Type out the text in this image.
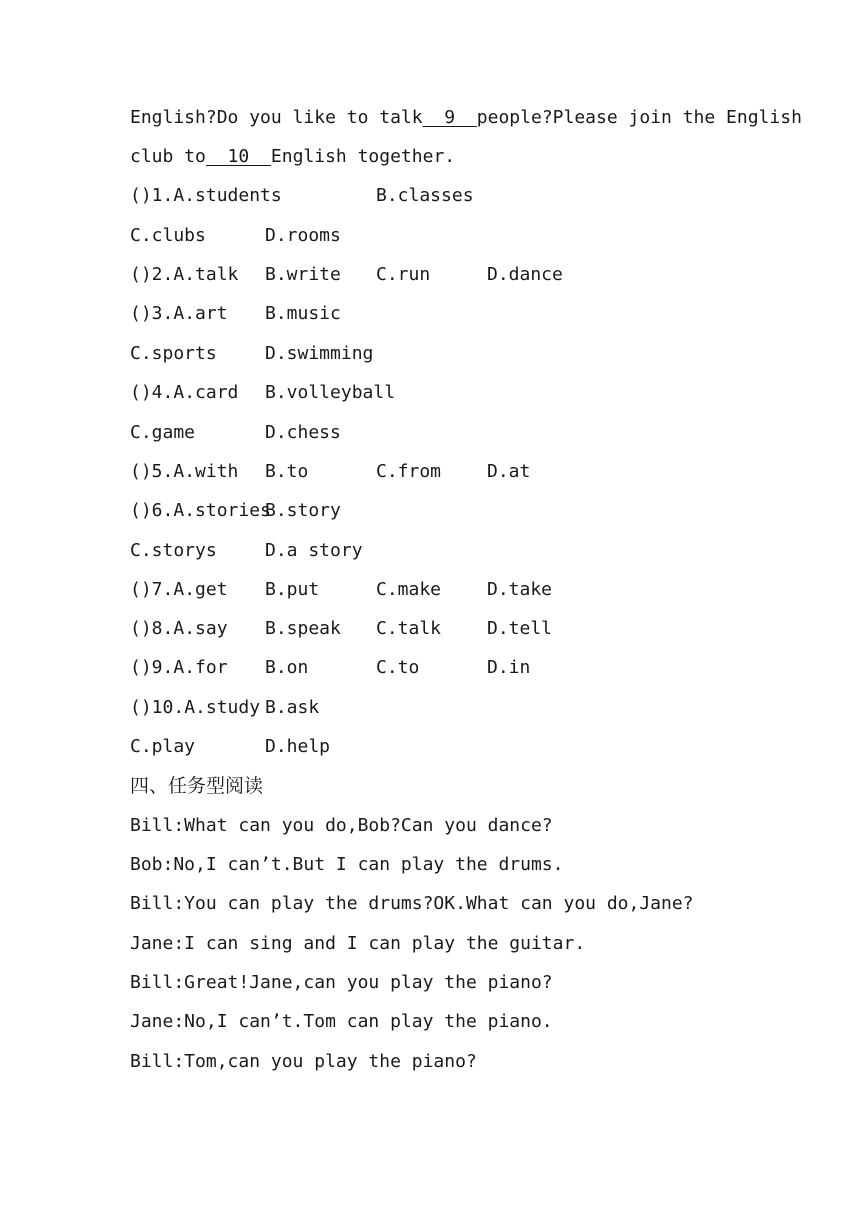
English?Do you like to talk  9  people?Please join the English
club to  10  English together.
()1.A.students	B.classes
C.clubs	D.rooms
()2.A.talk B.write C.run	D.dance
()3.A.art B.music
C.sports	D.swimming
()4.A.card B.volleyball
C.game	D.chess
()5.A.with B.to	C.from	D.at
()6.A.stories
B.story
C.storys	D.a story
()7.A.get B.put	C.make	D.take
()8.A.say B.speak C.talk	D.tell
()9.A.for B.on	C.to	D.in
()10.A.study B.ask
C.play	D.help
四、任务型阅读
Bill:What can you do,Bob?Can you dance?
Bob:No,I can’t.But I can play the drums.
Bill:You can play the drums?OK.What can you do,Jane?
Jane:I can sing and I can play the guitar.
Bill:Great!Jane,can you play the piano?
Jane:No,I can’t.Tom can play the piano.
Bill:Tom,can you play the piano?
